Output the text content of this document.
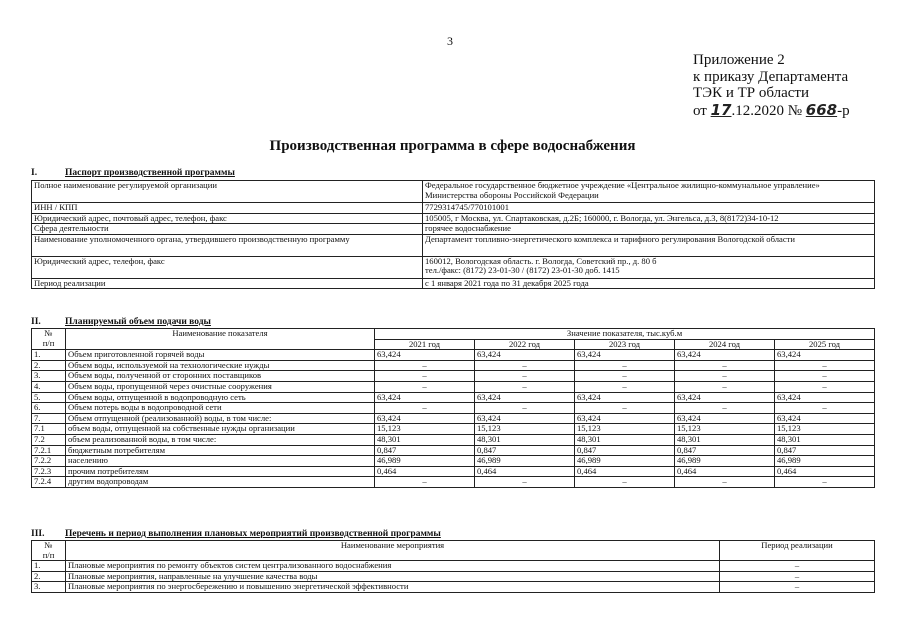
3
Приложение 2
к приказу Департамента
ТЭК и ТР области
от 17.12.2020 № 668-р
Производственная программа в сфере водоснабжения
I.	Паспорт производственной программы
Полное наименование регулируемой организации	Федеральное государственное бюджетное учреждение «Центральное жилищно-коммунальное управление» Министерства обороны Российской Федерации
ИНН / КПП	7729314745/770101001
Юридический адрес, почтовый адрес, телефон, факс	105005, г Москва, ул. Спартаковская, д.2Б; 160000, г. Вологда, ул. Энгельса, д.3, 8(8172)34-10-12
Сфера деятельности	горячее водоснабжение
Наименование уполномоченного органа, утвердившего производственную программу	Департамент топливно-энергетического комплекса и тарифного регулирования Вологодской области
Юридический адрес, телефон, факс	160012, Вологодская область. г. Вологда, Советский пр., д. 80 б
тел./факс: (8172) 23-01-30 / (8172) 23-01-30 доб. 1415

Период реализации	с 1 января 2021 года по 31 декабря 2025 года
II.	Планируемый объем подачи воды
№
п/п	Наименование показателя	Значение показателя, тыс.куб.м				
		2021 год	2022 год	2023 год	2024 год	2025 год
1.	Объем приготовленной горячей воды	63,424	63,424	63,424	63,424	63,424
2.	Объем воды, используемой на технологические нужды	–	–	–	–	–
3.	Объем воды, полученной от сторонних поставщиков	–	–	–	–	–
4.	Объем воды, пропущенной через очистные сооружения	–	–	–	–	–
5.	Объем воды, отпущенной в водопроводную сеть	63,424	63,424	63,424	63,424	63,424
6.	Объем потерь воды в водопроводной сети	–	–	–	–	–
7.	Объем отпущенной (реализованной) воды, в том числе:	63,424	63,424	63,424	63,424	63,424
7.1	объем воды, отпущенной на собственные нужды организации	15,123	15,123	15,123	15,123	15,123
7.2	объем реализованной воды, в том числе:	48,301	48,301	48,301	48,301	48,301
7.2.1	бюджетным потребителям	0,847	0,847	0,847	0,847	0,847
7.2.2	населению	46,989	46,989	46,989	46,989	46,989
7.2.3	прочим потребителям	0,464	0,464	0,464	0,464	0,464
7.2.4	другим водопроводам	–	–	–	–	–
III. Перечень и период выполнения плановых мероприятий производственной программы
№
п/п	Наименование мероприятия	Период реализации
1.	Плановые мероприятия по ремонту объектов систем централизованного водоснабжения	–
2.	Плановые мероприятия, направленные на улучшение качества воды	–
3.	Плановые мероприятия по энергосбережению и повышению энергетической эффективности	–
